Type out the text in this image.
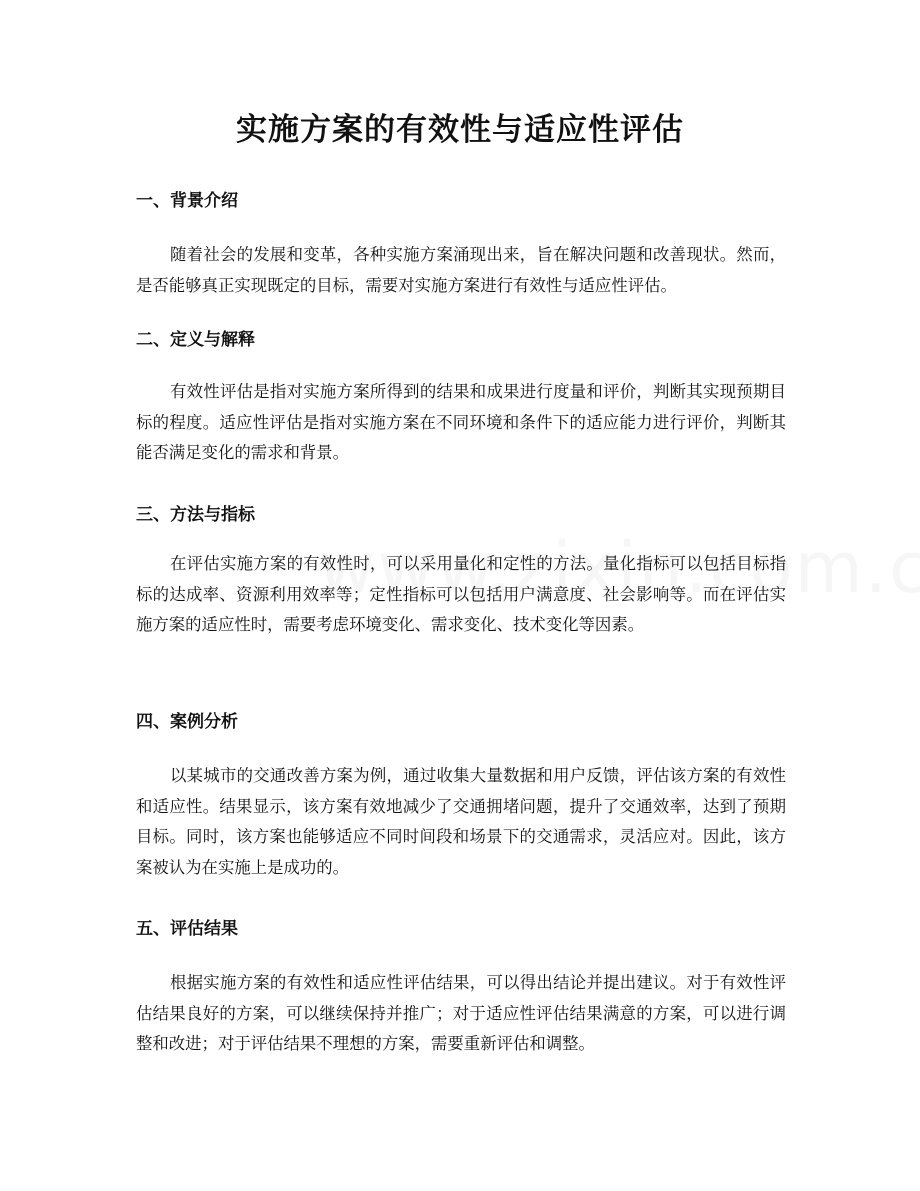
实施方案的有效性与适应性评估
一、背景介绍

随着社会的发展和变革，各种实施方案涌现出来，旨在解决问题和改善现状。然而，是否能够真正实现既定的目标，需要对实施方案进行有效性与适应性评估。

二、定义与解释

有效性评估是指对实施方案所得到的结果和成果进行度量和评价，判断其实现预期目标的程度。适应性评估是指对实施方案在不同环境和条件下的适应能力进行评价，判断其能否满足变化的需求和背景。

三、方法与指标

在评估实施方案的有效性时，可以采用量化和定性的方法。量化指标可以包括目标指标的达成率、资源利用效率等；定性指标可以包括用户满意度、社会影响等。而在评估实施方案的适应性时，需要考虑环境变化、需求变化、技术变化等因素。

四、案例分析

以某城市的交通改善方案为例，通过收集大量数据和用户反馈，评估该方案的有效性和适应性。结果显示，该方案有效地减少了交通拥堵问题，提升了交通效率，达到了预期目标。同时，该方案也能够适应不同时间段和场景下的交通需求，灵活应对。因此，该方案被认为在实施上是成功的。

五、评估结果

根据实施方案的有效性和适应性评估结果，可以得出结论并提出建议。对于有效性评估结果良好的方案，可以继续保持并推广；对于适应性评估结果满意的方案，可以进行调整和改进；对于评估结果不理想的方案，需要重新评估和调整。
